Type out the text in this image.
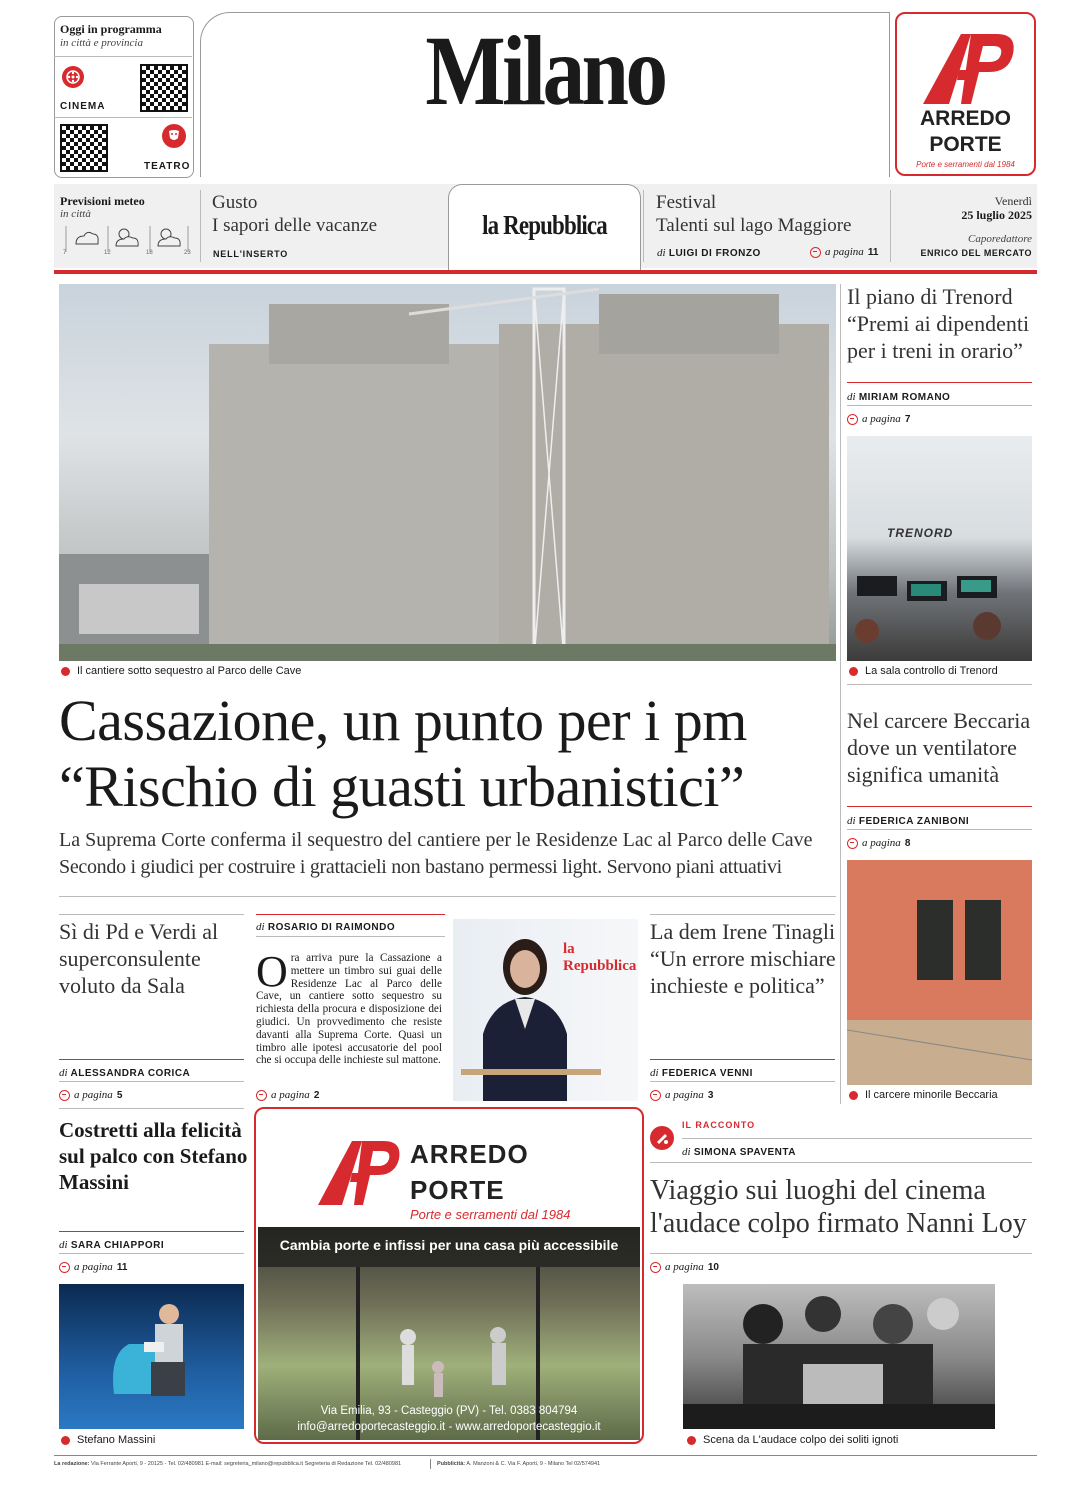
Oggi in programma
in città e provincia
CINEMA
TEATRO
Milano	ARREDO
PORTE
Porte e serramenti dal 1984
Previsioni meteo
in città
7	12	18	23
Gusto
I sapori delle vacanze
NELL'INSERTO
la Repubblica
Festival
Talenti sul lago Maggiore
di LUIGI DI FRONZO	a pagina 11
Venerdì
25 luglio 2025
Caporedattore
ENRICO DEL MERCATO
Il cantiere sotto sequestro al Parco delle Cave
Cassazione, un punto per i pm
“Rischio di guasti urbanistici”
La Suprema Corte conferma il sequestro del cantiere per le Residenze Lac al Parco delle Cave
Secondo i giudici per costruire i grattacieli non bastano permessi light. Servono piani attuativi
Il piano di Trenord “Premi ai dipendenti per i treni in orario”
di MIRIAM ROMANO
a pagina 7
TRENORD
La sala controllo di Trenord
Nel carcere Beccaria dove un ventilatore significa umanità
di FEDERICA ZANIBONI
a pagina 8
Il carcere minorile Beccaria
Sì di Pd e Verdi al superconsulente voluto da Sala
di ALESSANDRA CORICA
a pagina 5
di ROSARIO DI RAIMONDO
Ora arriva pure la Cassazione a mettere un timbro sui guai delle Residenze Lac al Parco delle Cave, un cantiere sotto sequestro su richiesta della procura e disposizione dei giudici. Un provvedimento che resiste davanti alla Suprema Corte. Quasi un timbro alle ipotesi accusatorie del pool che si occupa delle inchieste sul mattone.
a pagina 2
la Repubblica
La dem Irene Tinagli “Un errore mischiare inchieste e politica”
di FEDERICA VENNI
a pagina 3
Costretti alla felicità sul palco con Stefano Massini
di SARA CHIAPPORI
a pagina 11
Stefano Massini
ARREDO
PORTE
Porte e serramenti dal 1984
Cambia porte e infissi per una casa più accessibile
Via Emilia, 93 - Casteggio (PV) - Tel. 0383 804794
info@arredoportecasteggio.it - www.arredoportecasteggio.it
IL RACCONTO
di SIMONA SPAVENTA
Viaggio sui luoghi del cinema l'audace colpo firmato Nanni Loy
a pagina 10
Scena da L'audace colpo dei soliti ignoti
La redazione: Via Ferrante Aporti, 9 - 20125 - Tel. 02/480981 E-mail: segreteria_milano@repubblica.it Segreteria di Redazione Tel. 02/480981	Pubblicità: A. Manzoni & C. Via F. Aporti, 9 - Milano Tel 02/574941
